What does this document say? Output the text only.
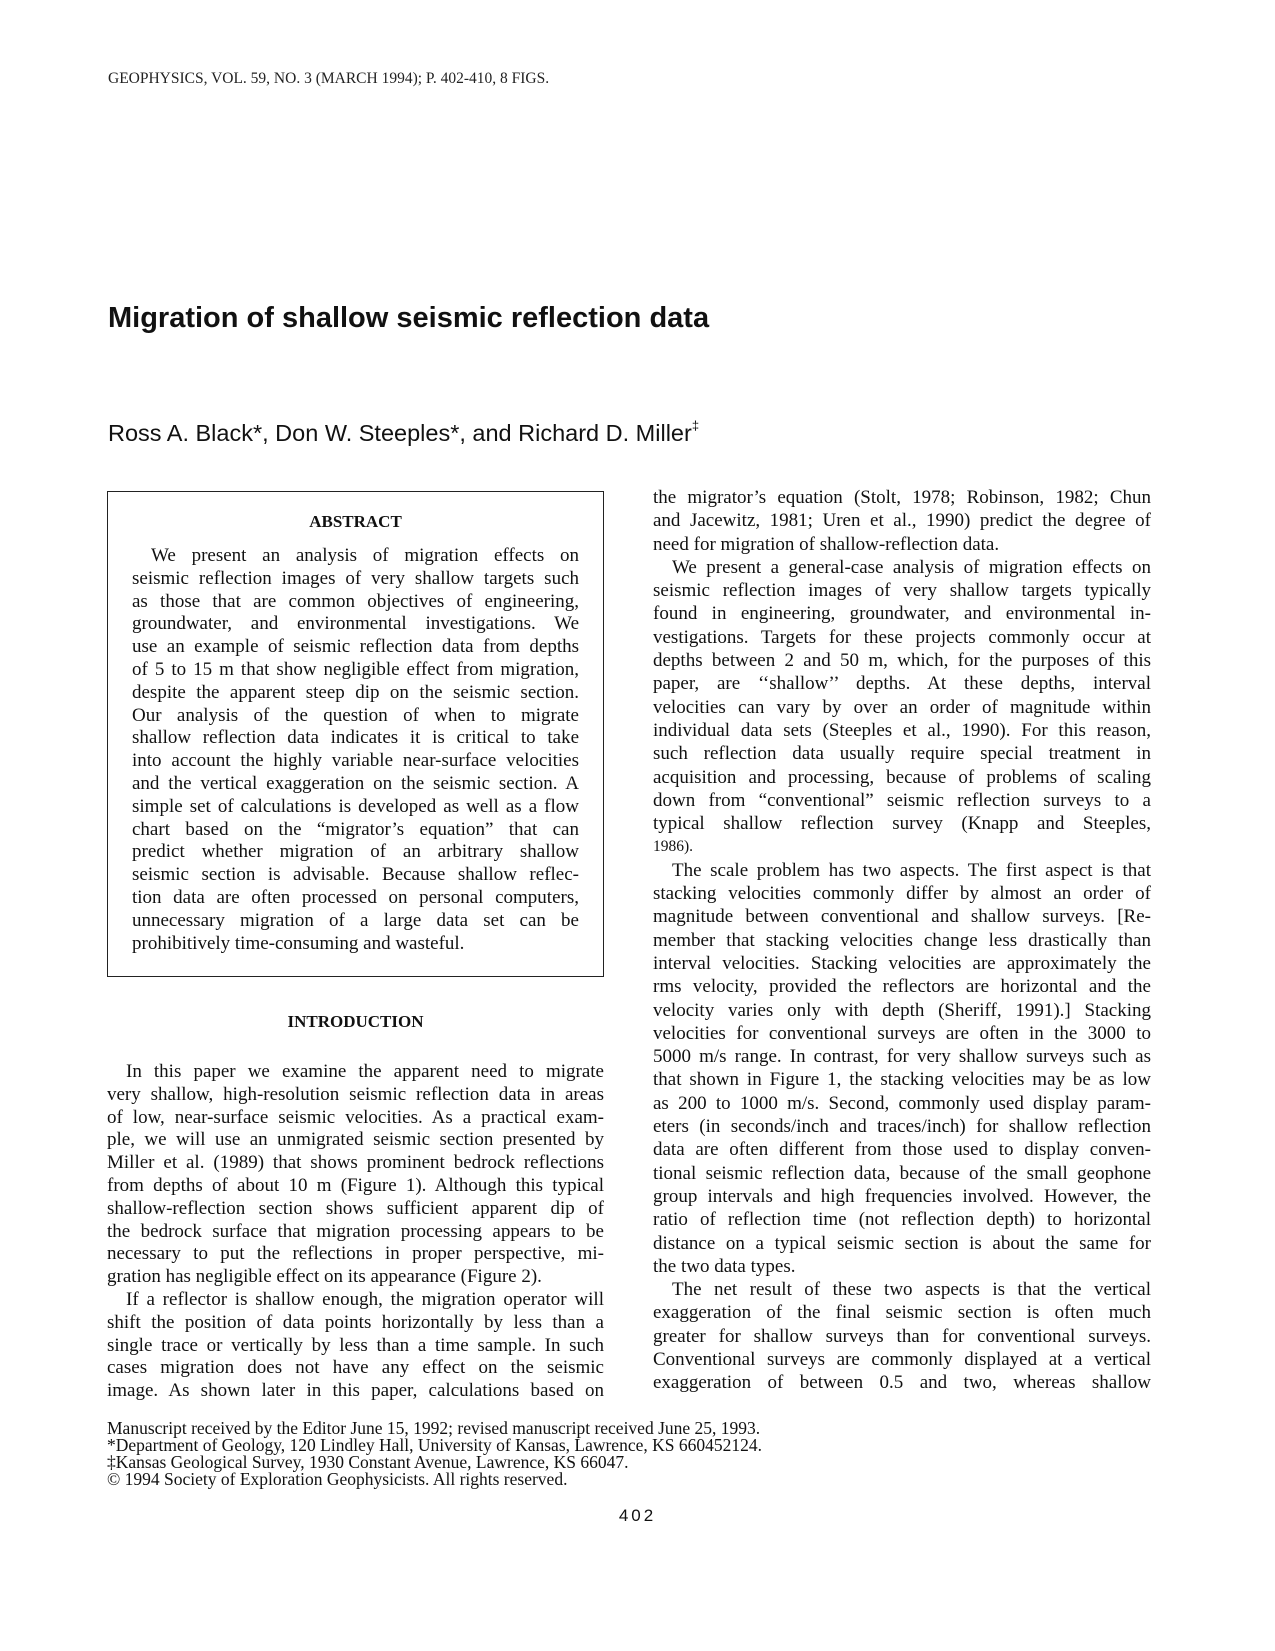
GEOPHYSICS, VOL. 59, NO. 3 (MARCH 1994); P. 402-410, 8 FIGS.
Migration of shallow seismic reflection data
Ross A. Black*, Don W. Steeples*, and Richard D. Miller‡
ABSTRACT
We present an analysis of migration effects on
seismic reflection images of very shallow targets such
as those that are common objectives of engineering,
groundwater, and environmental investigations. We
use an example of seismic reflection data from depths
of 5 to 15 m that show negligible effect from migration,
despite the apparent steep dip on the seismic section.
Our analysis of the question of when to migrate
shallow reflection data indicates it is critical to take
into account the highly variable near-surface velocities
and the vertical exaggeration on the seismic section. A
simple set of calculations is developed as well as a flow
chart based on the “migrator’s equation” that can
predict whether migration of an arbitrary shallow
seismic section is advisable. Because shallow reflec-
tion data are often processed on personal computers,
unnecessary migration of a large data set can be
prohibitively time-consuming and wasteful.
INTRODUCTION
In this paper we examine the apparent need to migrate
very shallow, high-resolution seismic reflection data in areas
of low, near-surface seismic velocities. As a practical exam-
ple, we will use an unmigrated seismic section presented by
Miller et al. (1989) that shows prominent bedrock reflections
from depths of about 10 m (Figure 1). Although this typical
shallow-reflection section shows sufficient apparent dip of
the bedrock surface that migration processing appears to be
necessary to put the reflections in proper perspective, mi-
gration has negligible effect on its appearance (Figure 2).
If a reflector is shallow enough, the migration operator will
shift the position of data points horizontally by less than a
single trace or vertically by less than a time sample. In such
cases migration does not have any effect on the seismic
image. As shown later in this paper, calculations based on
the migrator’s equation (Stolt, 1978; Robinson, 1982; Chun
and Jacewitz, 1981; Uren et al., 1990) predict the degree of
need for migration of shallow-reflection data.
We present a general-case analysis of migration effects on
seismic reflection images of very shallow targets typically
found in engineering, groundwater, and environmental in-
vestigations. Targets for these projects commonly occur at
depths between 2 and 50 m, which, for the purposes of this
paper, are ‘‘shallow’’ depths. At these depths, interval
velocities can vary by over an order of magnitude within
individual data sets (Steeples et al., 1990). For this reason,
such reflection data usually require special treatment in
acquisition and processing, because of problems of scaling
down from “conventional” seismic reflection surveys to a
typical shallow reflection survey (Knapp and Steeples,
1986).
The scale problem has two aspects. The first aspect is that
stacking velocities commonly differ by almost an order of
magnitude between conventional and shallow surveys. [Re-
member that stacking velocities change less drastically than
interval velocities. Stacking velocities are approximately the
rms velocity, provided the reflectors are horizontal and the
velocity varies only with depth (Sheriff, 1991).] Stacking
velocities for conventional surveys are often in the 3000 to
5000 m/s range. In contrast, for very shallow surveys such as
that shown in Figure 1, the stacking velocities may be as low
as 200 to 1000 m/s. Second, commonly used display param-
eters (in seconds/inch and traces/inch) for shallow reflection
data are often different from those used to display conven-
tional seismic reflection data, because of the small geophone
group intervals and high frequencies involved. However, the
ratio of reflection time (not reflection depth) to horizontal
distance on a typical seismic section is about the same for
the two data types.
The net result of these two aspects is that the vertical
exaggeration of the final seismic section is often much
greater for shallow surveys than for conventional surveys.
Conventional surveys are commonly displayed at a vertical
exaggeration of between 0.5 and two, whereas shallow
Manuscript received by the Editor June 15, 1992; revised manuscript received June 25, 1993.
*Department of Geology, 120 Lindley Hall, University of Kansas, Lawrence, KS 660452124.
‡Kansas Geological Survey, 1930 Constant Avenue, Lawrence, KS 66047.
© 1994 Society of Exploration Geophysicists. All rights reserved.
402
